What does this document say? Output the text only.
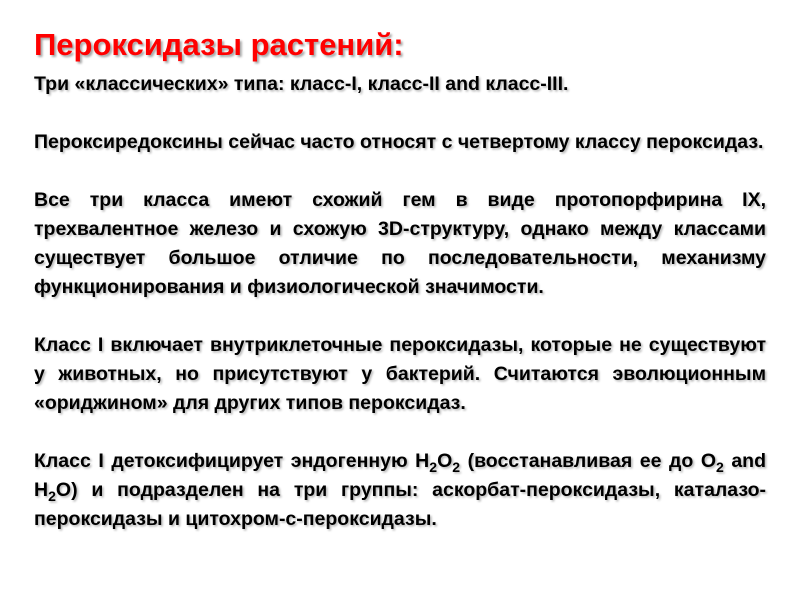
Пероксидазы растений:

Три «классических» типа: класс-I, класс-II and класс-III.

Пероксиредоксины сейчас часто относят с четвертому классу пероксидаз.

Все три класса имеют схожий гем в виде протопорфирина IX, трехвалентное железо и схожую 3D-структуру, однако между классами существует большое отличие по последовательности, механизму функционирования и физиологической значимости.

Класс I включает внутриклеточные пероксидазы, которые не существуют у животных, но присутствуют у бактерий. Считаются эволюционным «ориджином» для других типов пероксидаз.

Класс I детоксифицирует эндогенную $H_2O_2$ (восстанавливая ее до $O_2$ and $H_2O$) и подразделен на три группы: аскорбат-пероксидазы, каталазо-пероксидазы и цитохром-с-пероксидазы.
